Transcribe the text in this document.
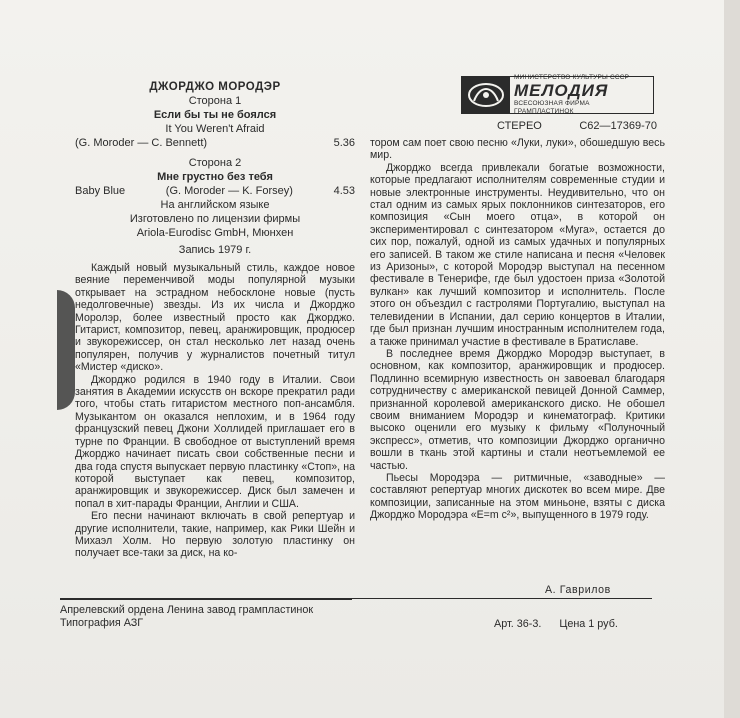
ДЖОРДЖО МОРОДЭР
Сторона 1
Если бы ты не боялся
It You Weren't Afraid
(G. Moroder — C. Bennett)	5.36
Сторона 2
Мне грустно без тебя
Baby Blue	(G. Moroder — K. Forsey)	4.53
На английском языке
Изготовлено по лицензии фирмы
Ariola-Eurodisc GmbH, Мюнхен
Запись 1979 г.
МИНИСТЕРСТВО КУЛЬТУРЫ СССР
МЕЛОДИЯ
ВСЕСОЮЗНАЯ ФИРМА ГРАМПЛАСТИНОК
СТЕРЕО	С62—17369-70

Каждый новый музыкальный стиль, каждое новое веяние переменчивой моды популярной музыки открывает на эстрадном небосклоне новые (пусть недолговечные) звезды. Из их числа и Джорджо Моролэр, более известный просто как Джорджо. Гитарист, композитор, певец, аранжировщик, продюсер и звукорежиссер, он стал несколько лет назад очень популярен, получив у журналистов почетный титул «Мистер «диско».

Джорджо родился в 1940 году в Италии. Свои занятия в Академии искусств он вскоре прекратил ради того, чтобы стать гитаристом местного поп-ансамбля. Музыкантом он оказался неплохим, и в 1964 году французский певец Джони Холлидей приглашает его в турне по Франции. В свободное от выступлений время Джорджо начинает писать свои собственные песни и два года спустя выпускает первую пластинку «Стоп», на которой выступает как певец, композитор, аранжировщик и звукорежиссер. Диск был замечен и попал в хит-парады Франции, Англии и США.

Его песни начинают включать в свой репертуар и другие исполнители, такие, например, как Рики Шейн и Михаэл Холм. Но первую золотую пластинку он получает все-таки за диск, на ко-

тором сам поет свою песню «Луки, луки», обошедшую весь мир.

Джорджо всегда привлекали богатые возможности, которые предлагают исполнителям современные студии и новые электронные инструменты. Неудивительно, что он стал одним из самых ярых поклонников синтезаторов, его композиция «Сын моего отца», в которой он экспериментировал с синтезатором «Муга», остается до сих пор, пожалуй, одной из самых удачных и популярных его записей. В таком же стиле написана и песня «Человек из Аризоны», с которой Мородэр выступал на песенном фестивале в Тенерифе, где был удостоен приза «Золотой вулкан» как лучший композитор и исполнитель. После этого он объездил с гастролями Португалию, выступал на телевидении в Испании, дал серию концертов в Италии, где был признан лучшим иностранным исполнителем года, а также принимал участие в фестивале в Братиславе.

В последнее время Джорджо Мородэр выступает, в основном, как композитор, аранжировщик и продюсер. Подлинно всемирную известность он завоевал благодаря сотрудничеству с американской певицей Донной Саммер, признанной королевой американского диско. Не обошел своим вниманием Мородэр и кинематограф. Критики высоко оценили его музыку к фильму «Полуночный экспресс», отметив, что композиции Джорджо органично вошли в ткань этой картины и стали неотъемлемой ее частью.

Пьесы Мородэра — ритмичные, «заводные» — составляют репертуар многих дискотек во всем мире. Две композиции, записанные на этом миньоне, взяты с диска Джорджо Мородэра «E=m c²», выпущенного в 1979 году.

А. Гаврилов
Апрелевский ордена Ленина завод грампластинок
Типография АЗГ	Арт. 36-3. Цена 1 руб.
